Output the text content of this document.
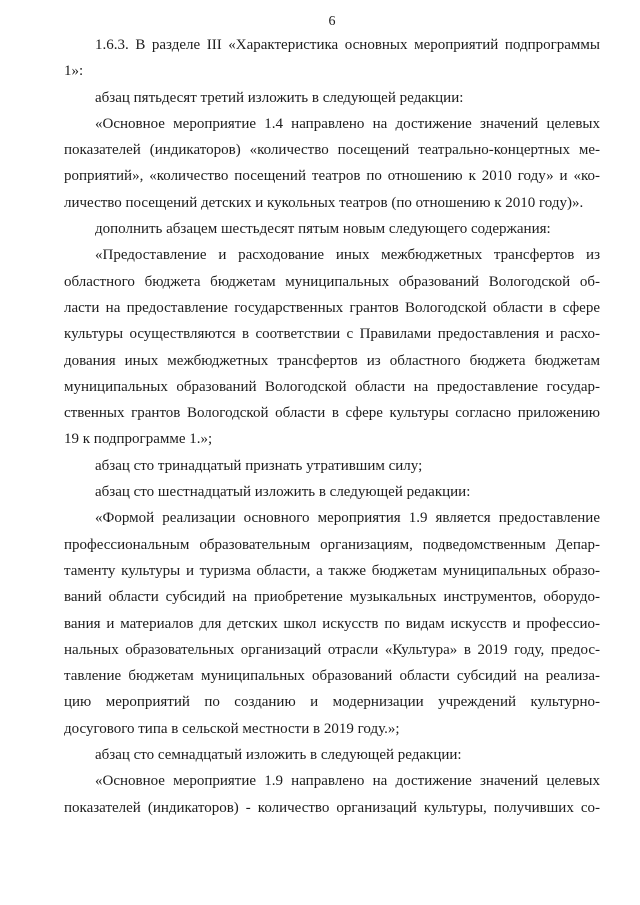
6
1.6.3. В разделе III «Характеристика основных мероприятий подпрограммы
1»:
абзац пятьдесят третий изложить в следующей редакции:
«Основное мероприятие 1.4 направлено на достижение значений целевых
показателей (индикаторов) «количество посещений театрально-концертных ме-
роприятий», «количество посещений театров по отношению к 2010 году» и «ко-
личество посещений детских и кукольных театров (по отношению к 2010 году)».
дополнить абзацем шестьдесят пятым новым следующего содержания:
«Предоставление и расходование иных межбюджетных трансфертов из
областного бюджета бюджетам муниципальных образований Вологодской об-
ласти на предоставление государственных грантов Вологодской области в сфере
культуры осуществляются в соответствии с Правилами предоставления и расхо-
дования иных межбюджетных трансфертов из областного бюджета бюджетам
муниципальных образований Вологодской области на предоставление государ-
ственных грантов Вологодской области в сфере культуры согласно приложению
19 к подпрограмме 1.»;
абзац сто тринадцатый признать утратившим силу;
абзац сто шестнадцатый изложить в следующей редакции:
«Формой реализации основного мероприятия 1.9 является предоставление
профессиональным образовательным организациям, подведомственным Депар-
таменту культуры и туризма области, а также бюджетам муниципальных образо-
ваний области субсидий на приобретение музыкальных инструментов, оборудо-
вания и материалов для детских школ искусств по видам искусств и профессио-
нальных образовательных организаций отрасли «Культура» в 2019 году, предос-
тавление бюджетам муниципальных образований области субсидий на реализа-
цию мероприятий по созданию и модернизации учреждений культурно-
досугового типа в сельской местности в 2019 году.»;
абзац сто семнадцатый изложить в следующей редакции:
«Основное мероприятие 1.9 направлено на достижение значений целевых
показателей (индикаторов) - количество организаций культуры, получивших со-
